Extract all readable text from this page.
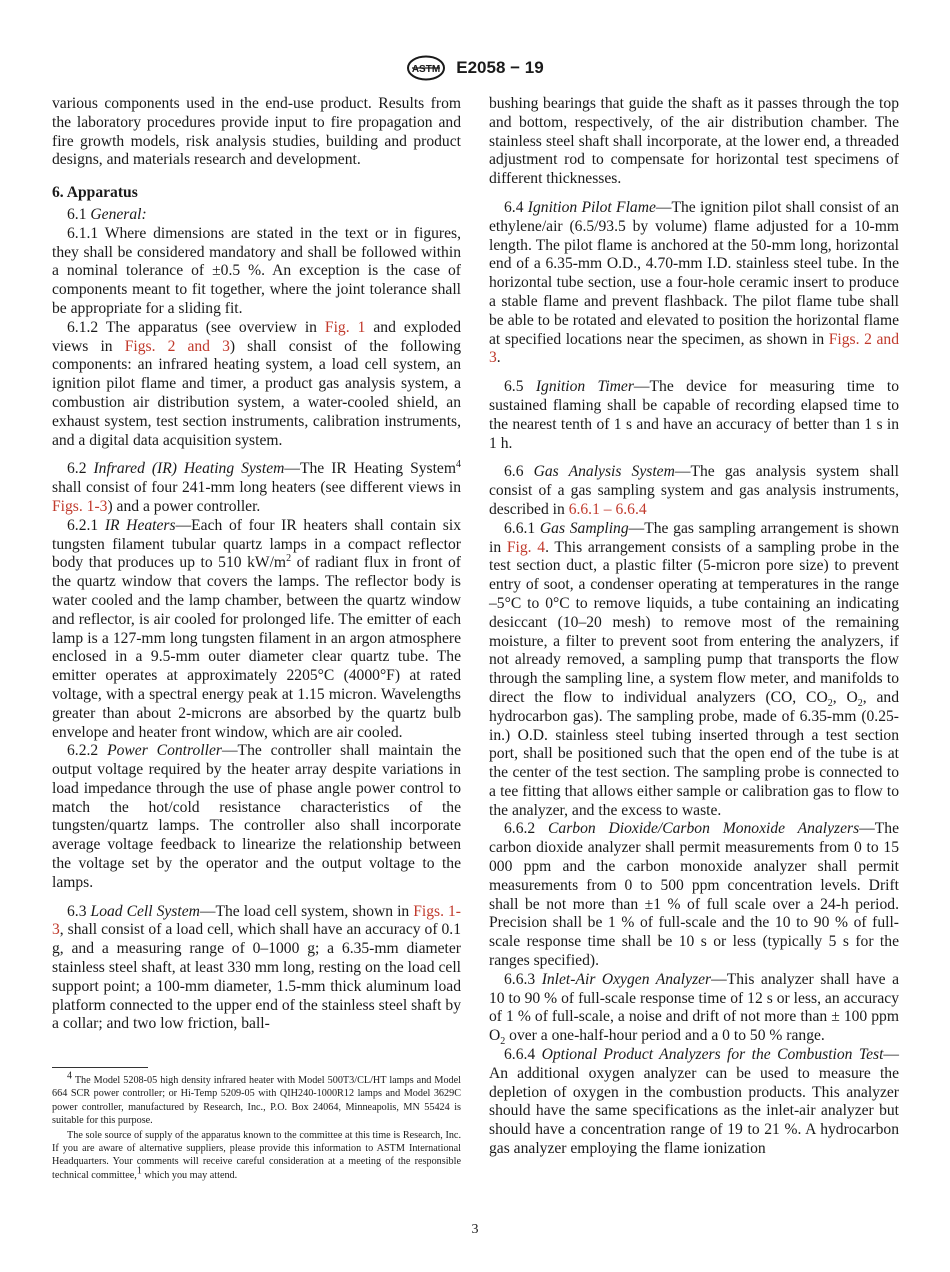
ASTM E2058 − 19

various components used in the end-use product. Results from the laboratory procedures provide input to fire propagation and fire growth models, risk analysis studies, building and product designs, and materials research and development.

6. Apparatus

6.1 General:

6.1.1 Where dimensions are stated in the text or in figures, they shall be considered mandatory and shall be followed within a nominal tolerance of ±0.5 %. An exception is the case of components meant to fit together, where the joint tolerance shall be appropriate for a sliding fit.

6.1.2 The apparatus (see overview in Fig. 1 and exploded views in Figs. 2 and 3) shall consist of the following components: an infrared heating system, a load cell system, an ignition pilot flame and timer, a product gas analysis system, a combustion air distribution system, a water-cooled shield, an exhaust system, test section instruments, calibration instruments, and a digital data acquisition system.

6.2 Infrared (IR) Heating System—The IR Heating System$^4$ shall consist of four 241-mm long heaters (see different views in Figs. 1-3) and a power controller.

6.2.1 IR Heaters—Each of four IR heaters shall contain six tungsten filament tubular quartz lamps in a compact reflector body that produces up to 510 $kW/m^2$ of radiant flux in front of the quartz window that covers the lamps. The reflector body is water cooled and the lamp chamber, between the quartz window and reflector, is air cooled for prolonged life. The emitter of each lamp is a 127-mm long tungsten filament in an argon atmosphere enclosed in a 9.5-mm outer diameter clear quartz tube. The emitter operates at approximately 2205°C (4000°F) at rated voltage, with a spectral energy peak at 1.15 micron. Wavelengths greater than about 2-microns are absorbed by the quartz bulb envelope and heater front window, which are air cooled.

6.2.2 Power Controller—The controller shall maintain the output voltage required by the heater array despite variations in load impedance through the use of phase angle power control to match the hot/cold resistance characteristics of the tungsten/quartz lamps. The controller also shall incorporate average voltage feedback to linearize the relationship between the voltage set by the operator and the output voltage to the lamps.

6.3 Load Cell System—The load cell system, shown in Figs. 1-3, shall consist of a load cell, which shall have an accuracy of 0.1 g, and a measuring range of 0–1000 g; a 6.35-mm diameter stainless steel shaft, at least 330 mm long, resting on the load cell support point; a 100-mm diameter, 1.5-mm thick aluminum load platform connected to the upper end of the stainless steel shaft by a collar; and two low friction, ball-

$^4$ The Model 5208-05 high density infrared heater with Model 500T3/CL/HT lamps and Model 664 SCR power controller; or Hi-Temp 5209-05 with QIH240-1000R12 lamps and Model 3629C power controller, manufactured by Research, Inc., P.O. Box 24064, Minneapolis, MN 55424 is suitable for this purpose.

The sole source of supply of the apparatus known to the committee at this time is Research, Inc. If you are aware of alternative suppliers, please provide this information to ASTM International Headquarters. Your comments will receive careful consideration at a meeting of the responsible technical committee,$^1$ which you may attend.

bushing bearings that guide the shaft as it passes through the top and bottom, respectively, of the air distribution chamber. The stainless steel shaft shall incorporate, at the lower end, a threaded adjustment rod to compensate for horizontal test specimens of different thicknesses.

6.4 Ignition Pilot Flame—The ignition pilot shall consist of an ethylene/air (6.5/93.5 by volume) flame adjusted for a 10-mm length. The pilot flame is anchored at the 50-mm long, horizontal end of a 6.35-mm O.D., 4.70-mm I.D. stainless steel tube. In the horizontal tube section, use a four-hole ceramic insert to produce a stable flame and prevent flashback. The pilot flame tube shall be able to be rotated and elevated to position the horizontal flame at specified locations near the specimen, as shown in Figs. 2 and 3.

6.5 Ignition Timer—The device for measuring time to sustained flaming shall be capable of recording elapsed time to the nearest tenth of 1 s and have an accuracy of better than 1 s in 1 h.

6.6 Gas Analysis System—The gas analysis system shall consist of a gas sampling system and gas analysis instruments, described in 6.6.1 – 6.6.4

6.6.1 Gas Sampling—The gas sampling arrangement is shown in Fig. 4. This arrangement consists of a sampling probe in the test section duct, a plastic filter (5-micron pore size) to prevent entry of soot, a condenser operating at temperatures in the range –5°C to 0°C to remove liquids, a tube containing an indicating desiccant (10–20 mesh) to remove most of the remaining moisture, a filter to prevent soot from entering the analyzers, if not already removed, a sampling pump that transports the flow through the sampling line, a system flow meter, and manifolds to direct the flow to individual analyzers (CO, $CO_2$, $O_2$, and hydrocarbon gas). The sampling probe, made of 6.35-mm (0.25-in.) O.D. stainless steel tubing inserted through a test section port, shall be positioned such that the open end of the tube is at the center of the test section. The sampling probe is connected to a tee fitting that allows either sample or calibration gas to flow to the analyzer, and the excess to waste.

6.6.2 Carbon Dioxide/Carbon Monoxide Analyzers—The carbon dioxide analyzer shall permit measurements from 0 to 15 000 ppm and the carbon monoxide analyzer shall permit measurements from 0 to 500 ppm concentration levels. Drift shall be not more than ±1 % of full scale over a 24-h period. Precision shall be 1 % of full-scale and the 10 to 90 % of full-scale response time shall be 10 s or less (typically 5 s for the ranges specified).

6.6.3 Inlet-Air Oxygen Analyzer—This analyzer shall have a 10 to 90 % of full-scale response time of 12 s or less, an accuracy of 1 % of full-scale, a noise and drift of not more than ± 100 ppm $O_2$ over a one-half-hour period and a 0 to 50 % range.

6.6.4 Optional Product Analyzers for the Combustion Test—An additional oxygen analyzer can be used to measure the depletion of oxygen in the combustion products. This analyzer should have the same specifications as the inlet-air analyzer but should have a concentration range of 19 to 21 %. A hydrocarbon gas analyzer employing the flame ionization

3
